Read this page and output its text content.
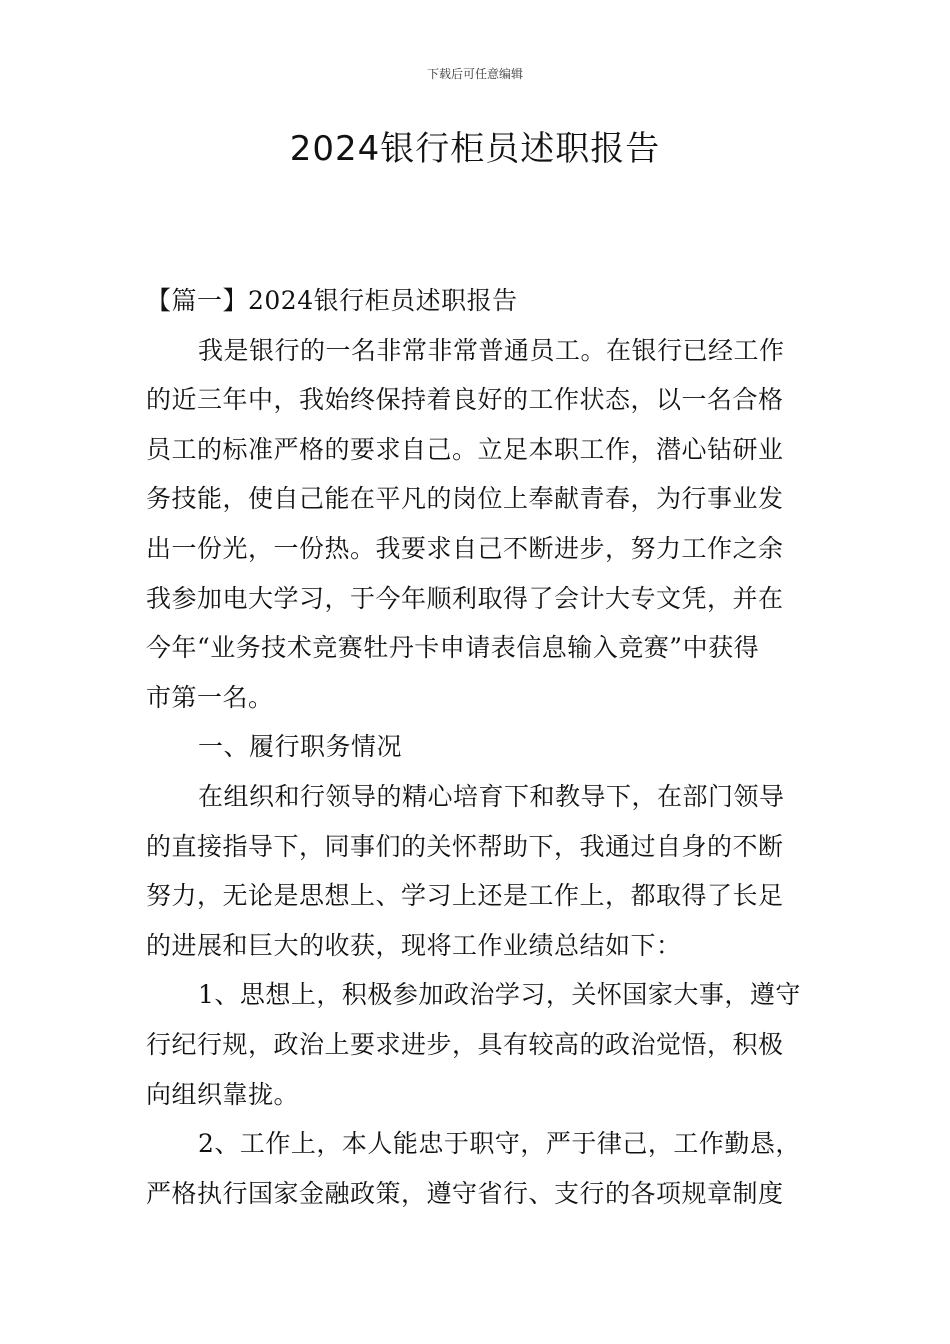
下载后可任意编辑
2024银行柜员述职报告
【篇一】2024银行柜员述职报告
我是银行的一名非常非常普通员工。在银行已经工作
的近三年中，我始终保持着良好的工作状态，以一名合格
员工的标准严格的要求自己。立足本职工作，潜心钻研业
务技能，使自己能在平凡的岗位上奉献青春，为行事业发
出一份光，一份热。我要求自己不断进步，努力工作之余
我参加电大学习，于今年顺利取得了会计大专文凭，并在
今年“业务技术竞赛牡丹卡申请表信息输入竞赛”中获得
市第一名。
一、履行职务情况
在组织和行领导的精心培育下和教导下，在部门领导
的直接指导下，同事们的关怀帮助下，我通过自身的不断
努力，无论是思想上、学习上还是工作上，都取得了长足
的进展和巨大的收获，现将工作业绩总结如下：
1、思想上，积极参加政治学习，关怀国家大事，遵守
行纪行规，政治上要求进步，具有较高的政治觉悟，积极
向组织靠拢。
2、工作上，本人能忠于职守，严于律己，工作勤恳，
严格执行国家金融政策，遵守省行、支行的各项规章制度
